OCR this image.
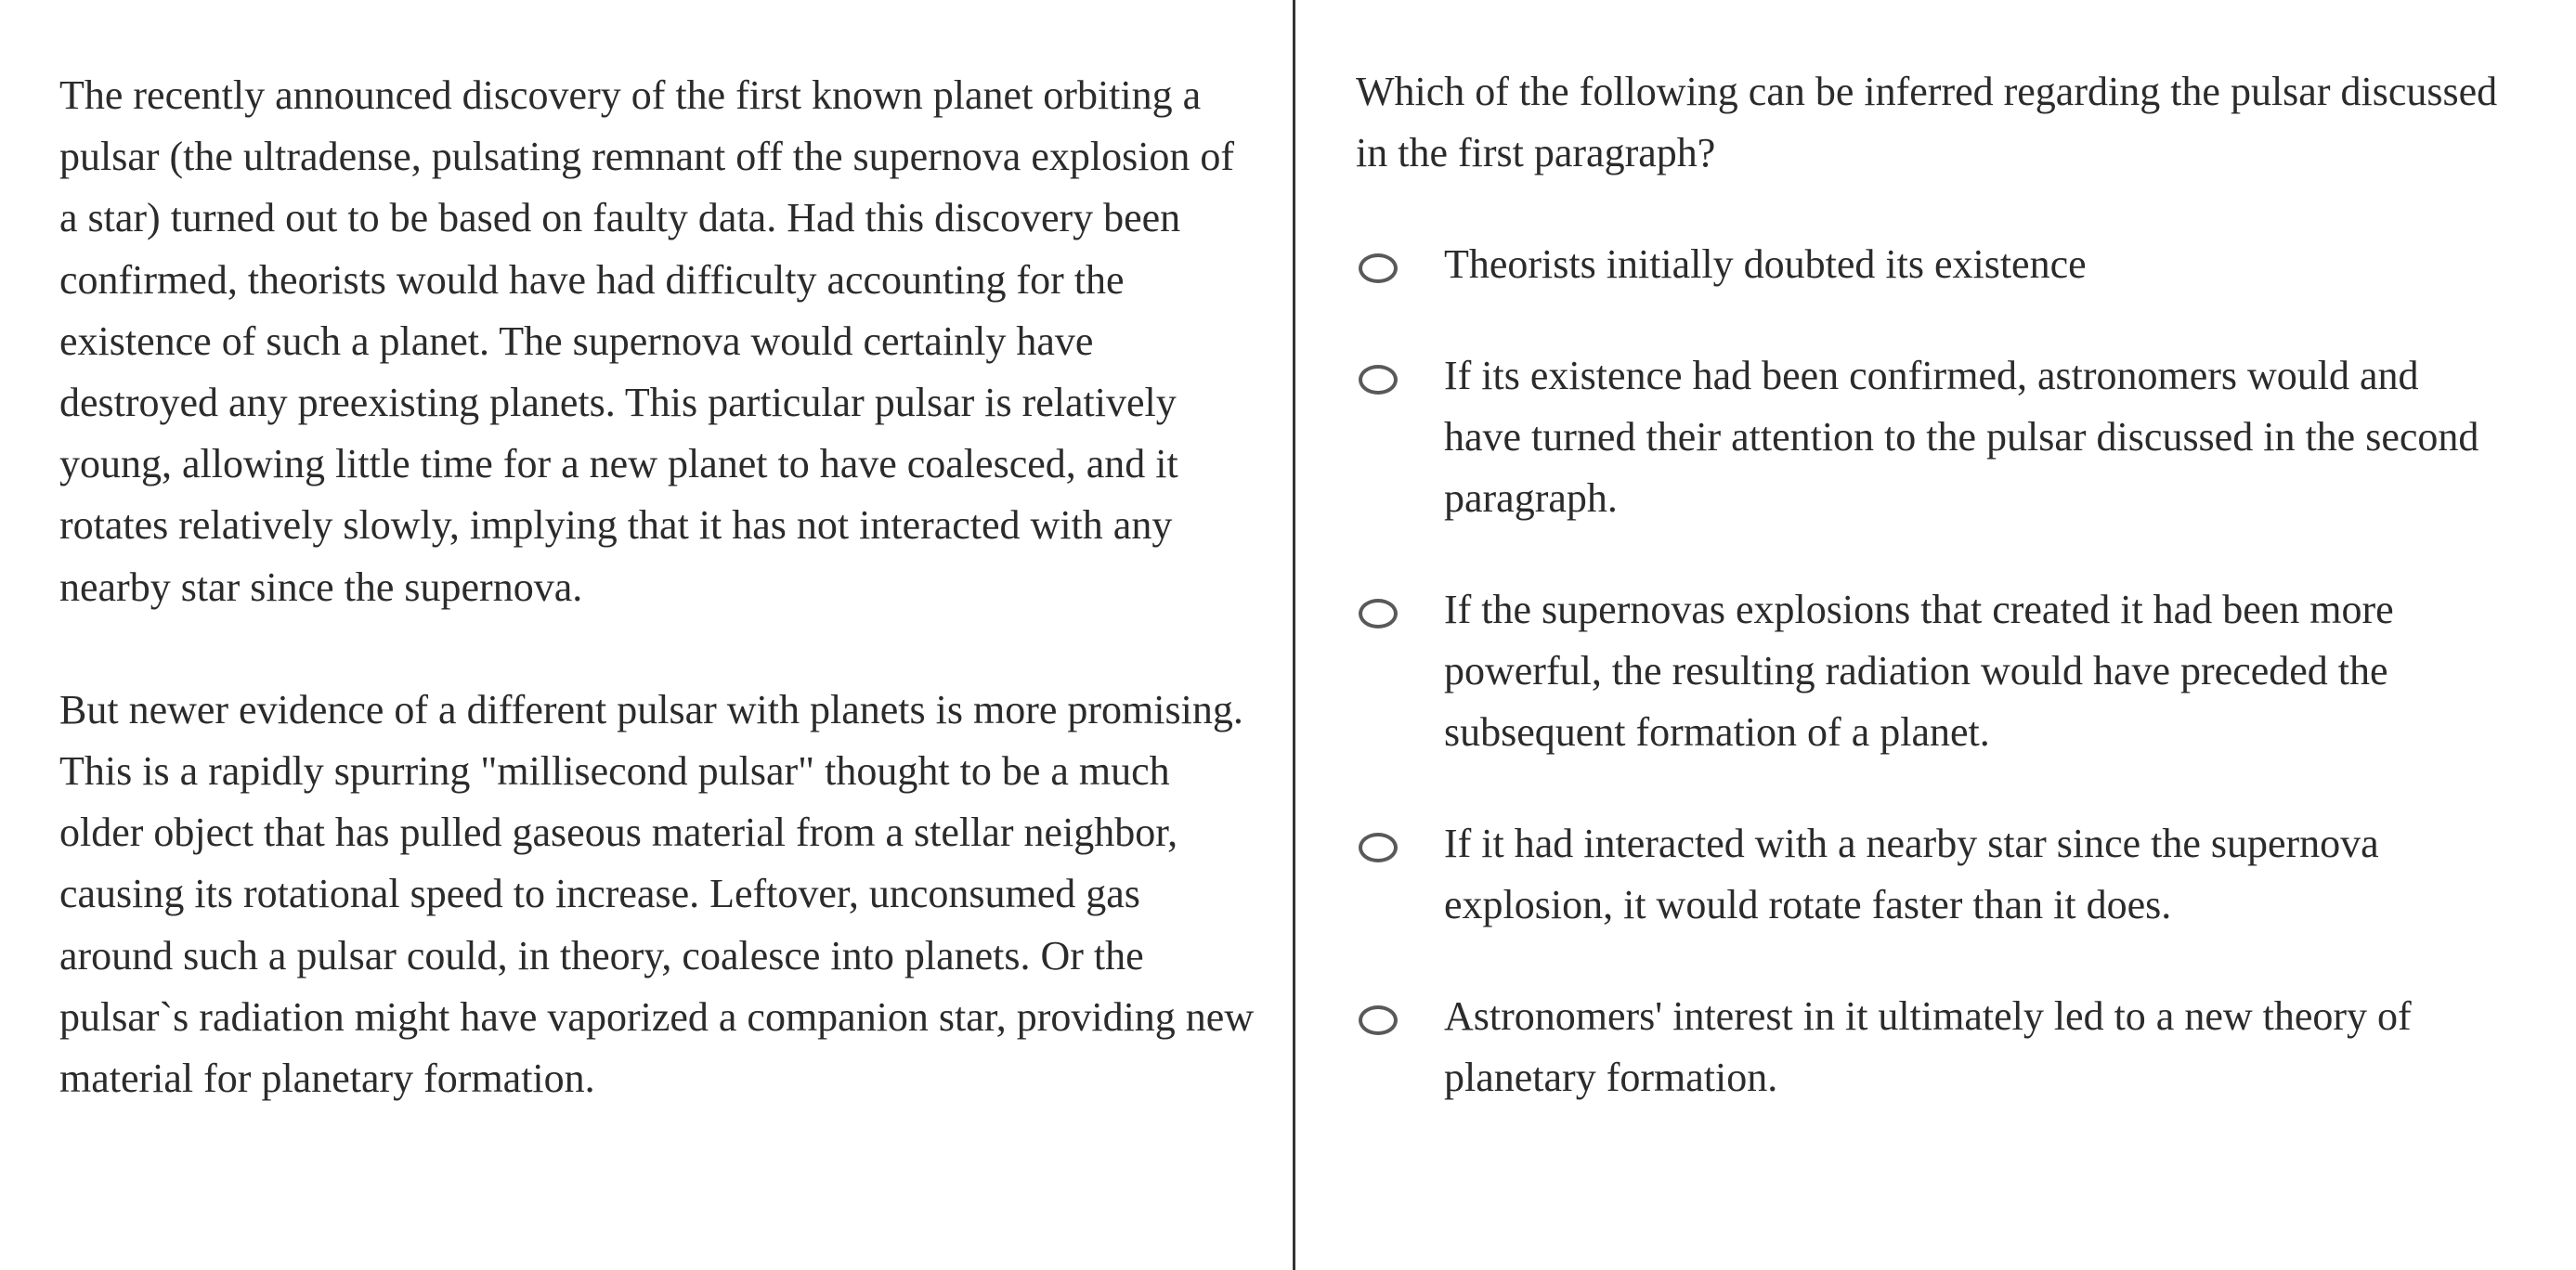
The recently announced discovery of the first known planet orbiting a pulsar (the ultradense, pulsating remnant off the supernova explosion of a star) turned out to be based on faulty data. Had this discovery been confirmed, theorists would have had difficulty accounting for the existence of such a planet. The supernova would certainly have destroyed any preexisting planets. This particular pulsar is relatively young, allowing little time for a new planet to have coalesced, and it rotates relatively slowly, implying that it has not interacted with any nearby star since the supernova.

But newer evidence of a different pulsar with planets is more promising. This is a rapidly spurring "millisecond pulsar" thought to be a much older object that has pulled gaseous material from a stellar neighbor, causing its rotational speed to increase. Leftover, unconsumed gas around such a pulsar could, in theory, coalesce into planets. Or the pulsar`s radiation might have vaporized a companion star, providing new material for planetary formation.

Which of the following can be inferred regarding the pulsar discussed in the first paragraph?

Theorists initially doubted its existence
If its existence had been confirmed, astronomers would and have turned their attention to the pulsar discussed in the second paragraph.
If the supernovas explosions that created it had been more powerful, the resulting radiation would have preceded the subsequent formation of a planet.
If it had interacted with a nearby star since the supernova explosion, it would rotate faster than it does.
Astronomers' interest in it ultimately led to a new theory of planetary formation.
